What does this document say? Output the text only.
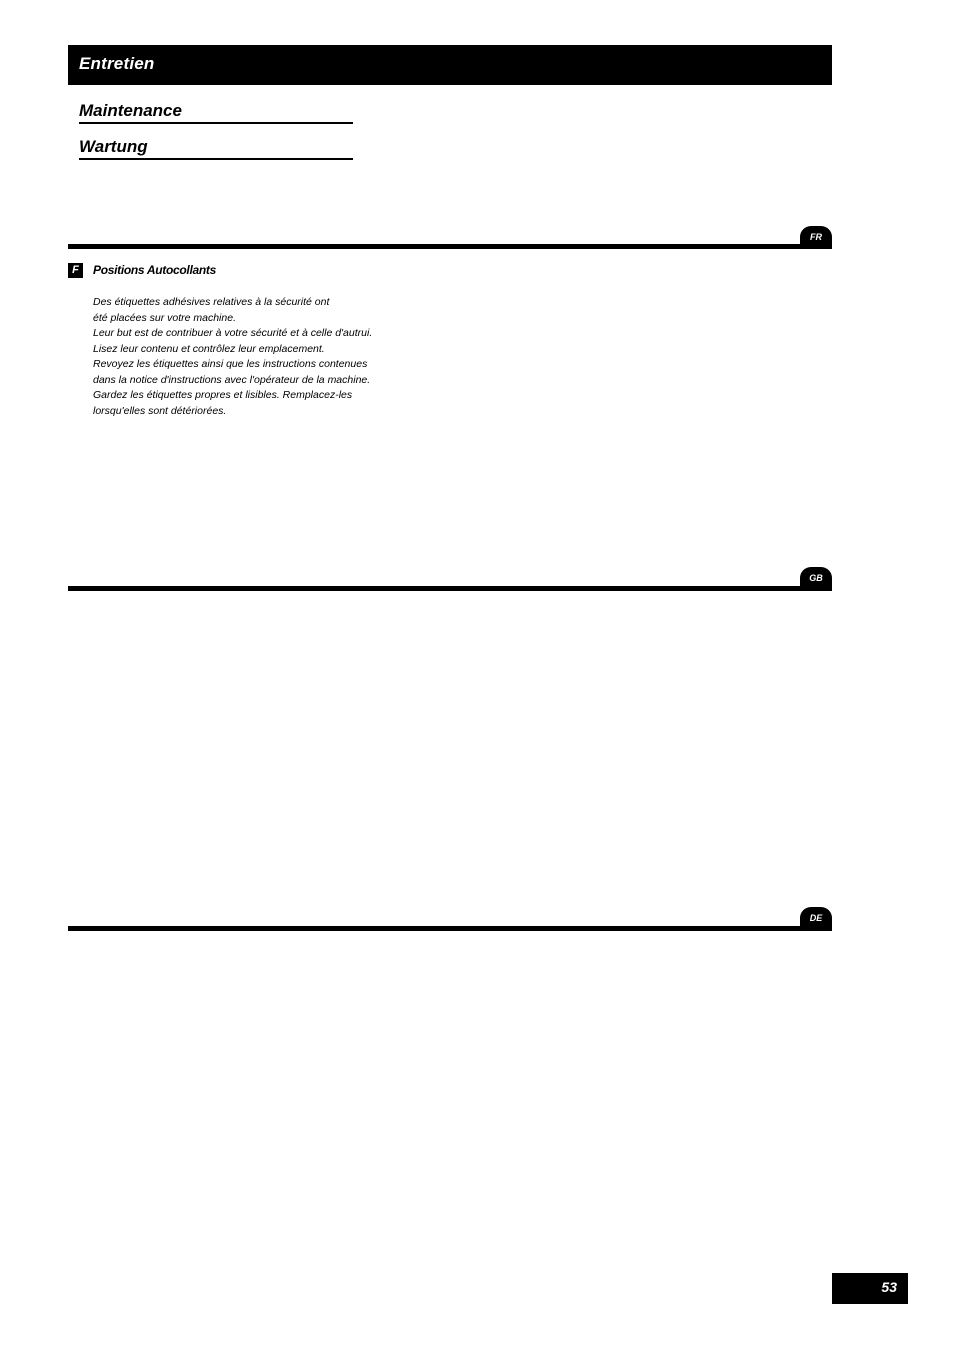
Entretien
Maintenance
Wartung
FR
F	Positions Autocollants
Des étiquettes adhésives relatives à la sécurité ont
été placées sur votre machine.
Leur but est de contribuer à votre sécurité et à celle d'autrui.
Lisez leur contenu et contrôlez leur emplacement.
Revoyez les étiquettes ainsi que les instructions contenues
dans la notice d'instructions avec l'opérateur de la machine.
Gardez les étiquettes propres et lisibles. Remplacez-les
lorsqu'elles sont détériorées.
GB
DE
53
